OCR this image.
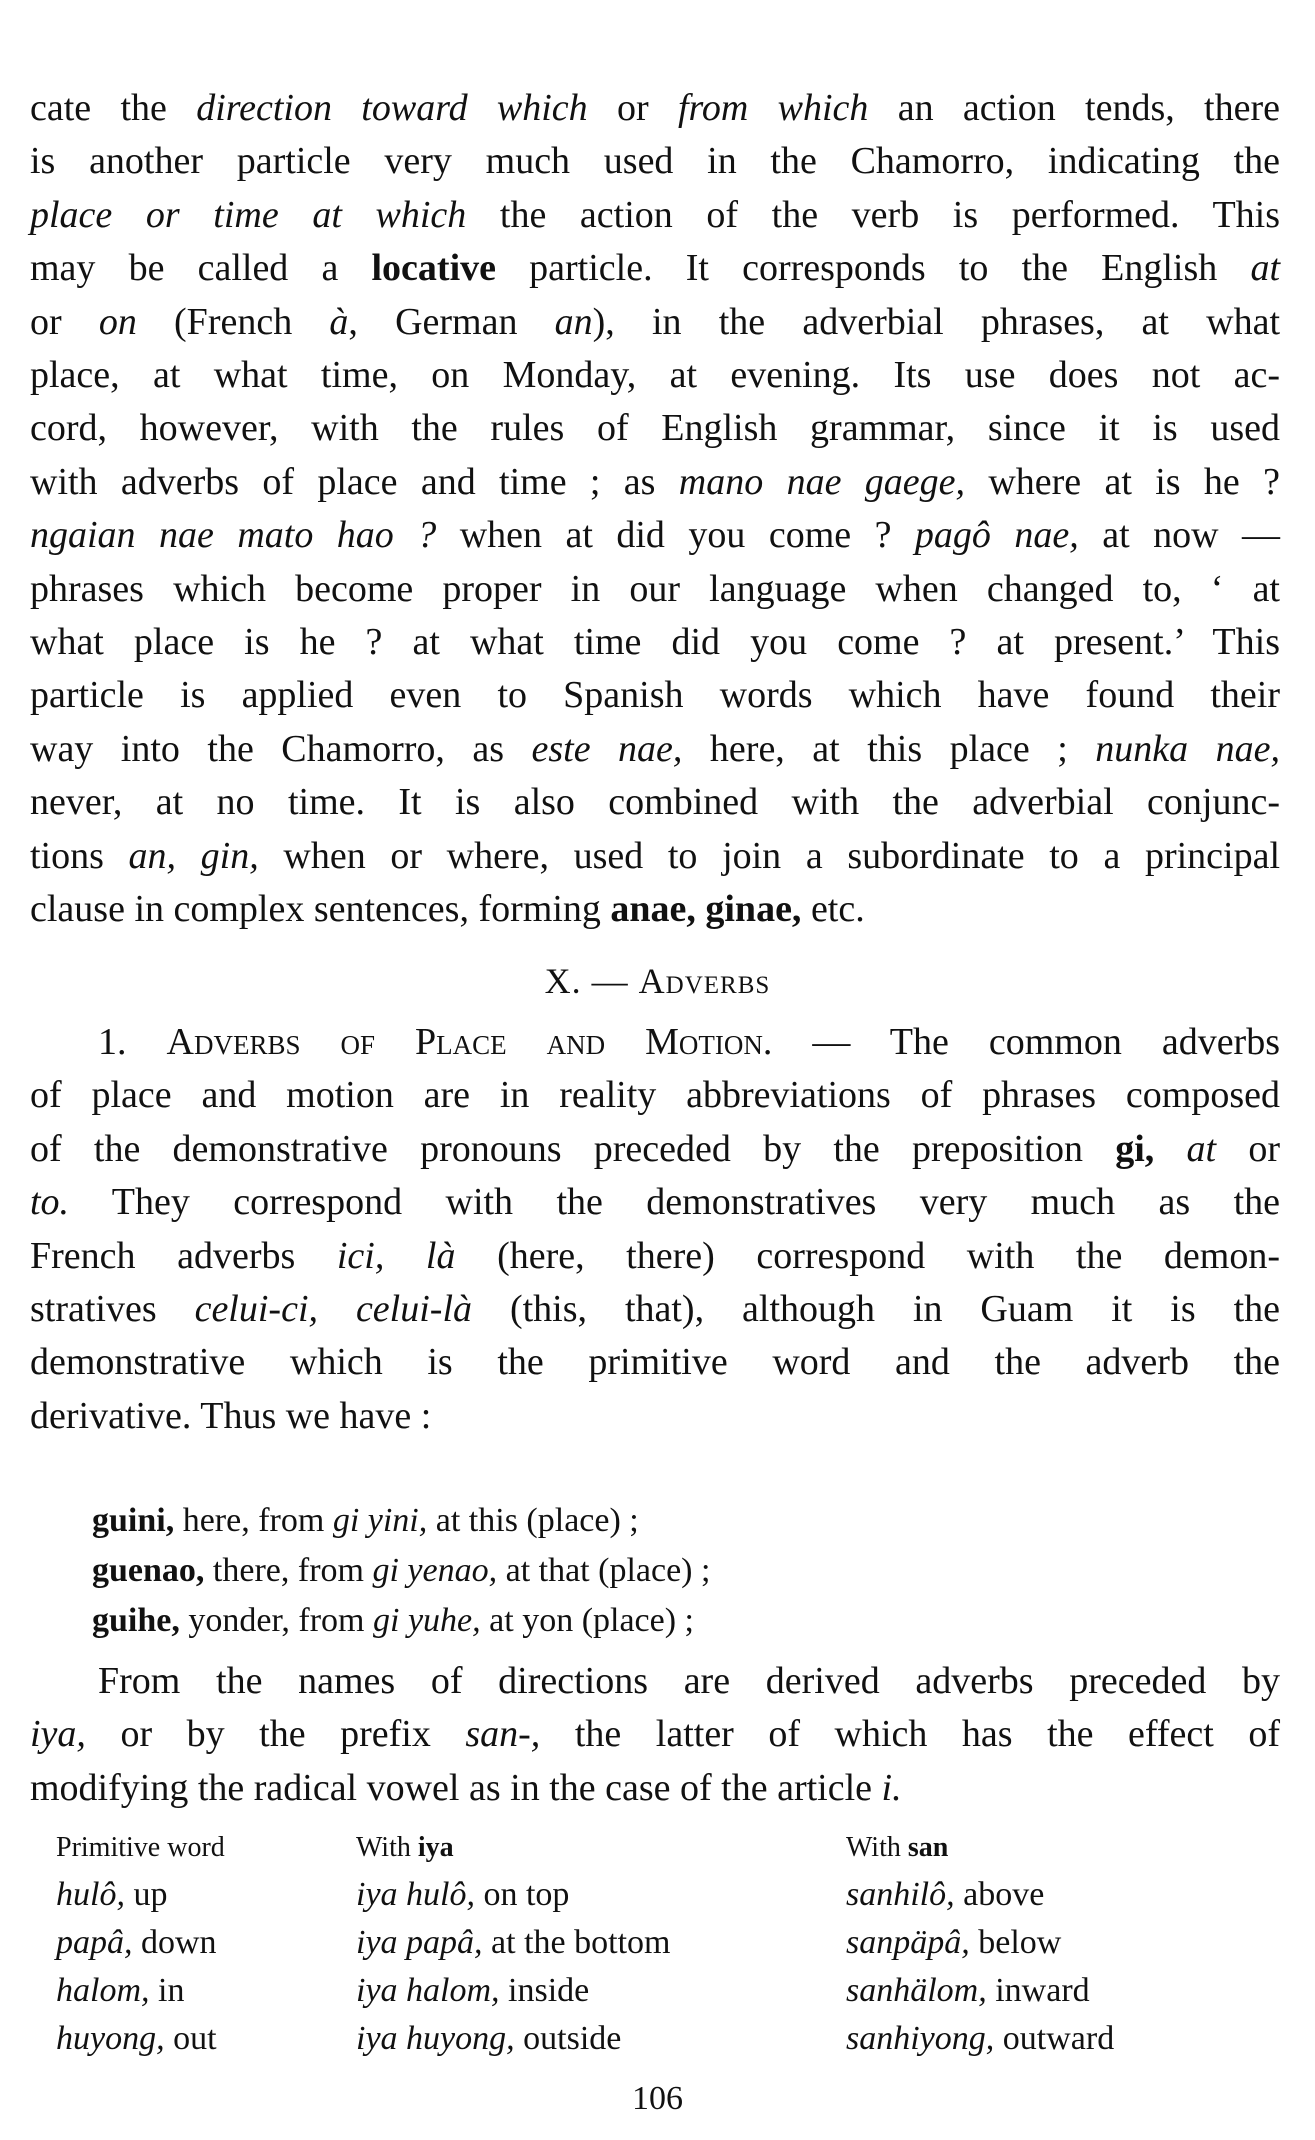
cate the direction toward which or from which an action tends, there
is another particle very much used in the Chamorro, indicating the
place or time at which the action of the verb is performed. This
may be called a locative particle. It corresponds to the English at
or on (French à, German an), in the adverbial phrases, at what
place, at what time, on Monday, at evening. Its use does not ac-
cord, however, with the rules of English grammar, since it is used
with adverbs of place and time ; as mano nae gaege, where at is he ?
ngaian nae mato hao ? when at did you come ? pagô nae, at now —
phrases which become proper in our language when changed to, ‘ at
what place is he ? at what time did you come ? at present.’ This
particle is applied even to Spanish words which have found their
way into the Chamorro, as este nae, here, at this place ; nunka nae,
never, at no time. It is also combined with the adverbial conjunc-
tions an, gin, when or where, used to join a subordinate to a principal
clause in complex sentences, forming anae, ginae, etc.
X. — Adverbs
1. Adverbs of Place and Motion. — The common adverbs
of place and motion are in reality abbreviations of phrases composed
of the demonstrative pronouns preceded by the preposition gi, at or
to. They correspond with the demonstratives very much as the
French adverbs ici, là (here, there) correspond with the demon-
stratives celui-ci, celui-là (this, that), although in Guam it is the
demonstrative which is the primitive word and the adverb the
derivative. Thus we have :
guini, here, from gi yini, at this (place) ;
guenao, there, from gi yenao, at that (place) ;
guihe, yonder, from gi yuhe, at yon (place) ;
From the names of directions are derived adverbs preceded by
iya, or by the prefix san-, the latter of which has the effect of
modifying the radical vowel as in the case of the article i.
Primitive word	With iya	With san
hulô, up	iya hulô, on top	sanhilô, above
papâ, down	iya papâ, at the bottom	sanpäpâ, below
halom, in	iya halom, inside	sanhälom, inward
huyong, out	iya huyong, outside	sanhiyong, outward
106
